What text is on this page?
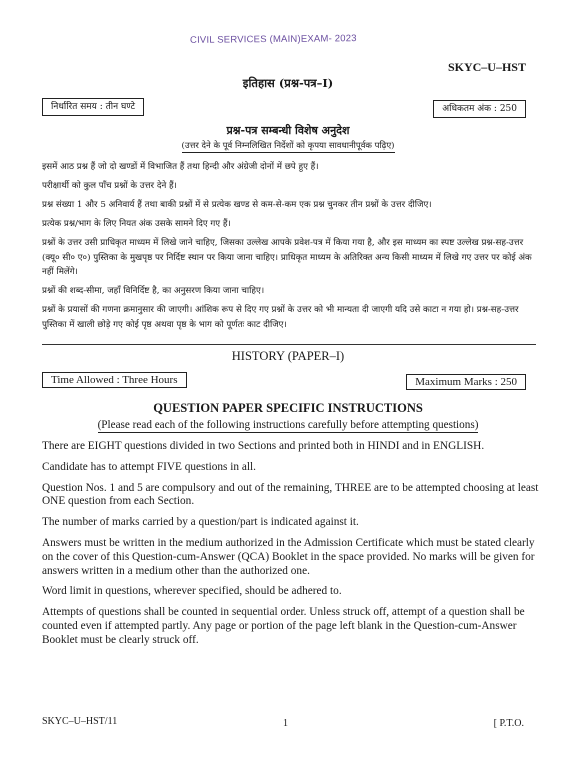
CIVIL SERVICES (MAIN)EXAM- 2023
SKYC–U–HST
इतिहास (प्रश्न-पत्र–I)
निर्धारित समय : तीन घण्टे	अधिकतम अंक : 250
प्रश्न-पत्र सम्बन्धी विशेष अनुदेश
(उत्तर देने के पूर्व निम्नलिखित निर्देशों को कृपया सावधानीपूर्वक पढ़िए)

इसमें आठ प्रश्न हैं जो दो खण्डों में विभाजित हैं तथा हिन्दी और अंग्रेजी दोनों में छपे हुए हैं।

परीक्षार्थी को कुल पाँच प्रश्नों के उत्तर देने हैं।

प्रश्न संख्या 1 और 5 अनिवार्य हैं तथा बाकी प्रश्नों में से प्रत्येक खण्ड से कम-से-कम एक प्रश्न चुनकर तीन प्रश्नों के उत्तर दीजिए।

प्रत्येक प्रश्न/भाग के लिए नियत अंक उसके सामने दिए गए हैं।

प्रश्नों के उत्तर उसी प्राधिकृत माध्यम में लिखे जाने चाहिए, जिसका उल्लेख आपके प्रवेश-पत्र में किया गया है, और इस माध्यम का स्पष्ट उल्लेख प्रश्न-सह-उत्तर (क्यू० सी० ए०) पुस्तिका के मुखपृष्ठ पर निर्दिष्ट स्थान पर किया जाना चाहिए। प्राधिकृत माध्यम के अतिरिक्त अन्य किसी माध्यम में लिखे गए उत्तर पर कोई अंक नहीं मिलेंगे।

प्रश्नों की शब्द-सीमा, जहाँ विनिर्दिष्ट है, का अनुसरण किया जाना चाहिए।

प्रश्नों के प्रयासों की गणना क्रमानुसार की जाएगी। आंशिक रूप से दिए गए प्रश्नों के उत्तर को भी मान्यता दी जाएगी यदि उसे काटा न गया हो। प्रश्न-सह-उत्तर पुस्तिका में खाली छोड़े गए कोई पृष्ठ अथवा पृष्ठ के भाग को पूर्णतः काट दीजिए।

HISTORY (PAPER–I)
Time Allowed : Three Hours	Maximum Marks : 250
QUESTION PAPER SPECIFIC INSTRUCTIONS
(Please read each of the following instructions carefully before attempting questions)

There are EIGHT questions divided in two Sections and printed both in HINDI and in ENGLISH.

Candidate has to attempt FIVE questions in all.

Question Nos. 1 and 5 are compulsory and out of the remaining, THREE are to be attempted choosing at least ONE question from each Section.

The number of marks carried by a question/part is indicated against it.

Answers must be written in the medium authorized in the Admission Certificate which must be stated clearly on the cover of this Question-cum-Answer (QCA) Booklet in the space provided. No marks will be given for answers written in a medium other than the authorized one.

Word limit in questions, wherever specified, should be adhered to.

Attempts of questions shall be counted in sequential order. Unless struck off, attempt of a question shall be counted even if attempted partly. Any page or portion of the page left blank in the Question-cum-Answer Booklet must be clearly struck off.

SKYC–U–HST/11	1	[ P.T.O.
